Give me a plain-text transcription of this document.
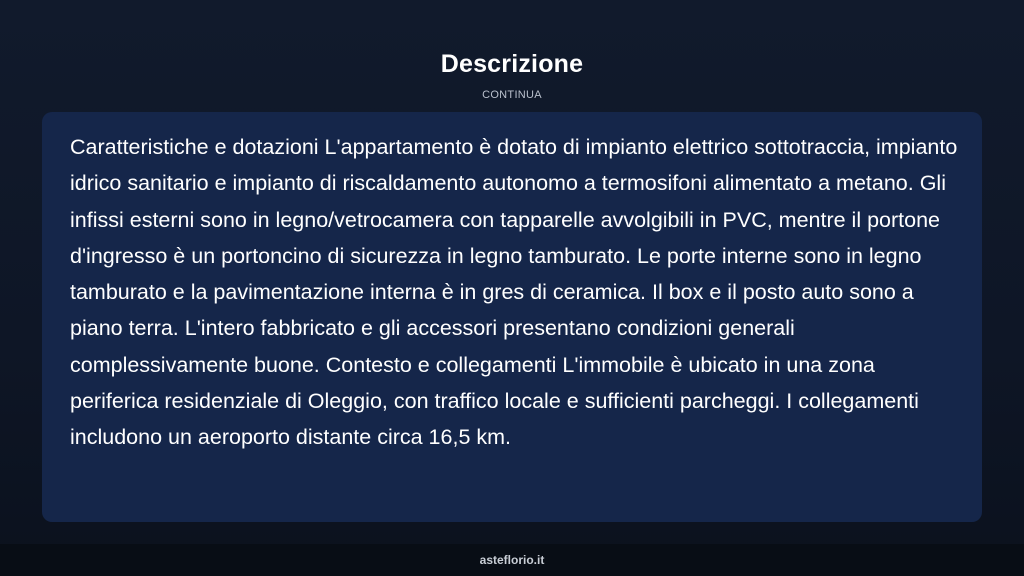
Descrizione
CONTINUA

Caratteristiche e dotazioni L'appartamento è dotato di impianto elettrico sottotraccia, impianto idrico sanitario e impianto di riscaldamento autonomo a termosifoni alimentato a metano. Gli infissi esterni sono in legno/vetrocamera con tapparelle avvolgibili in PVC, mentre il portone d'ingresso è un portoncino di sicurezza in legno tamburato. Le porte interne sono in legno tamburato e la pavimentazione interna è in gres di ceramica. Il box e il posto auto sono a piano terra. L'intero fabbricato e gli accessori presentano condizioni generali complessivamente buone. Contesto e collegamenti L'immobile è ubicato in una zona periferica residenziale di Oleggio, con traffico locale e sufficienti parcheggi. I collegamenti includono un aeroporto distante circa 16,5 km.

asteflorio.it
